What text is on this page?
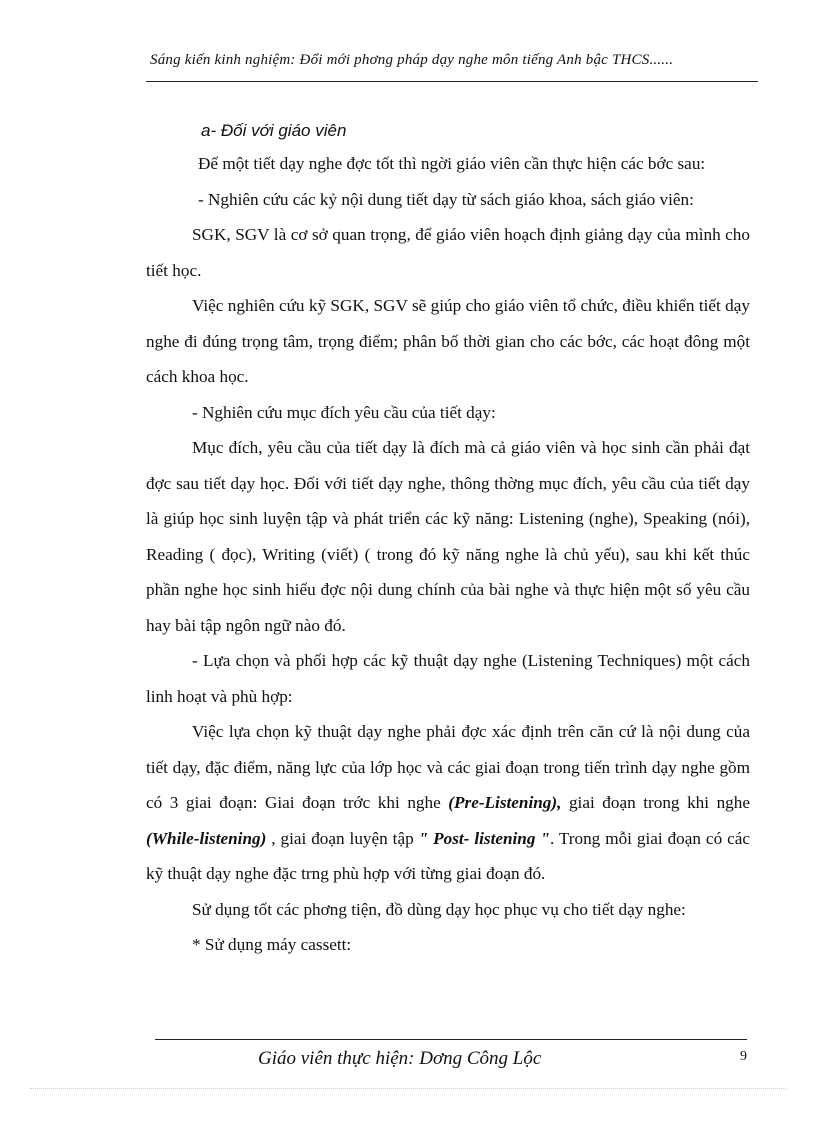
Sáng kiến kinh nghiệm: Đổi mới phơng pháp dạy nghe môn tiếng Anh bậc THCS......
a- Đối với giáo viên

Để một tiết dạy nghe đợc tốt thì ngời giáo viên cần thực hiện các bớc sau:

- Nghiên cứu các kỷ nội dung tiết dạy từ sách giáo khoa, sách giáo viên:

SGK, SGV là cơ sở quan trọng, để giáo viên hoạch định giảng dạy của mình cho tiết học.

Việc nghiên cứu kỹ SGK, SGV sẽ giúp cho giáo viên tổ chức, điều khiển tiết dạy nghe đi đúng trọng tâm, trọng điểm; phân bố thời gian cho các bớc, các hoạt đông một cách khoa học.

- Nghiên cứu mục đích yêu cầu của tiết dạy:

Mục đích, yêu cầu của tiết dạy là đích mà cả giáo viên và học sinh cần phải đạt đợc sau tiết dạy học. Đối với tiết dạy nghe, thông thờng mục đích, yêu cầu của tiết dạy là giúp học sinh luyện tập và phát triển các kỹ năng: Listening (nghe), Speaking (nói), Reading ( đọc), Writing (viết) ( trong đó kỹ năng nghe là chủ yếu), sau khi kết thúc phần nghe học sinh hiểu đợc nội dung chính của bài nghe và thực hiện một số yêu cầu hay bài tập ngôn ngữ nào đó.

- Lựa chọn và phối hợp các kỹ thuật dạy nghe (Listening Techniques) một cách linh hoạt và phù hợp:

Việc lựa chọn kỹ thuật dạy nghe phải đợc xác định trên căn cứ là nội dung của tiết dạy, đặc điểm, năng lực của lớp học và các giai đoạn trong tiến trình dạy nghe gồm có 3 giai đoạn: Giai đoạn trớc khi nghe (Pre-Listening), giai đoạn trong khi nghe (While-listening) , giai đoạn luyện tập " Post- listening ". Trong mỗi giai đoạn có các kỹ thuật dạy nghe đặc trng phù hợp với từng giai đoạn đó.

Sử dụng tốt các phơng tiện, đồ dùng dạy học phục vụ cho tiết dạy nghe:

* Sử dụng máy cassett:

Giáo viên thực hiện: Dơng Công Lộc	9
